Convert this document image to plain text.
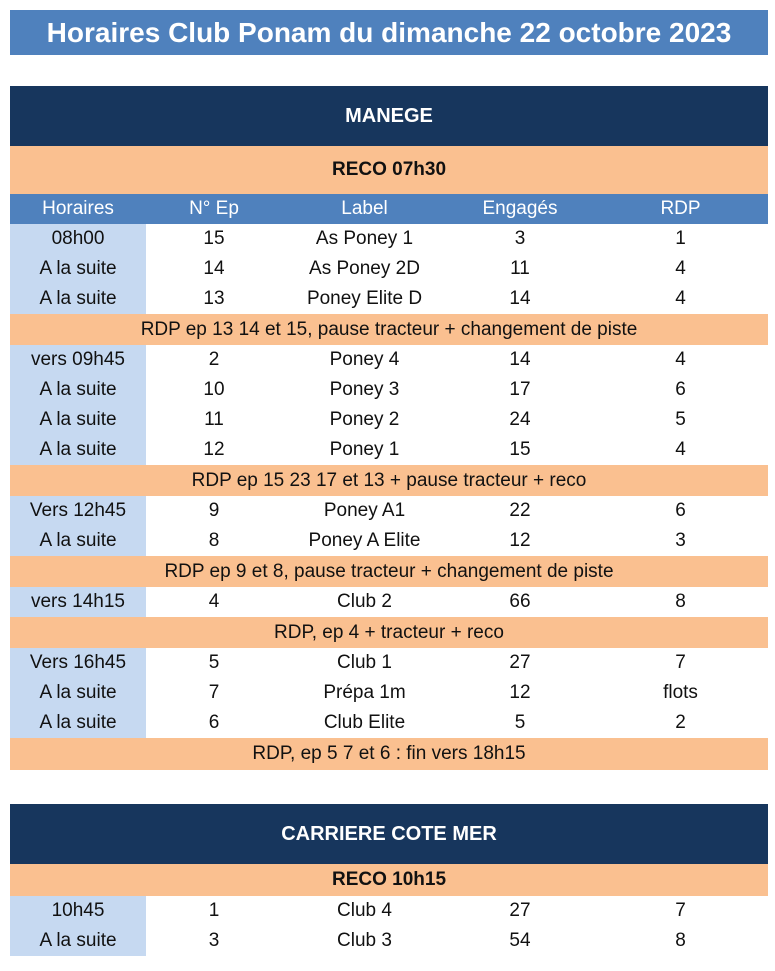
Horaires Club Ponam du dimanche 22 octobre 2023
MANEGE
RECO 07h30
Horaires	N° Ep	Label	Engagés	RDP
08h00	15	As Poney 1	3	1
A la suite	14	As Poney 2D	11	4
A la suite	13	Poney Elite D	14	4
RDP ep 13 14 et 15, pause tracteur + changement de piste
vers 09h45	2	Poney 4	14	4
A la suite	10	Poney 3	17	6
A la suite	11	Poney 2	24	5
A la suite	12	Poney 1	15	4
RDP ep 15 23 17 et 13 + pause tracteur + reco
Vers 12h45	9	Poney A1	22	6
A la suite	8	Poney A Elite	12	3
RDP ep 9 et 8, pause tracteur + changement de piste
vers 14h15	4	Club 2	66	8
RDP, ep 4 + tracteur + reco
Vers 16h45	5	Club 1	27	7
A la suite	7	Prépa 1m	12	flots
A la suite	6	Club Elite	5	2
RDP, ep 5 7 et 6 : fin vers 18h15
CARRIERE COTE MER
RECO 10h15
10h45	1	Club 4	27	7
A la suite	3	Club 3	54	8
